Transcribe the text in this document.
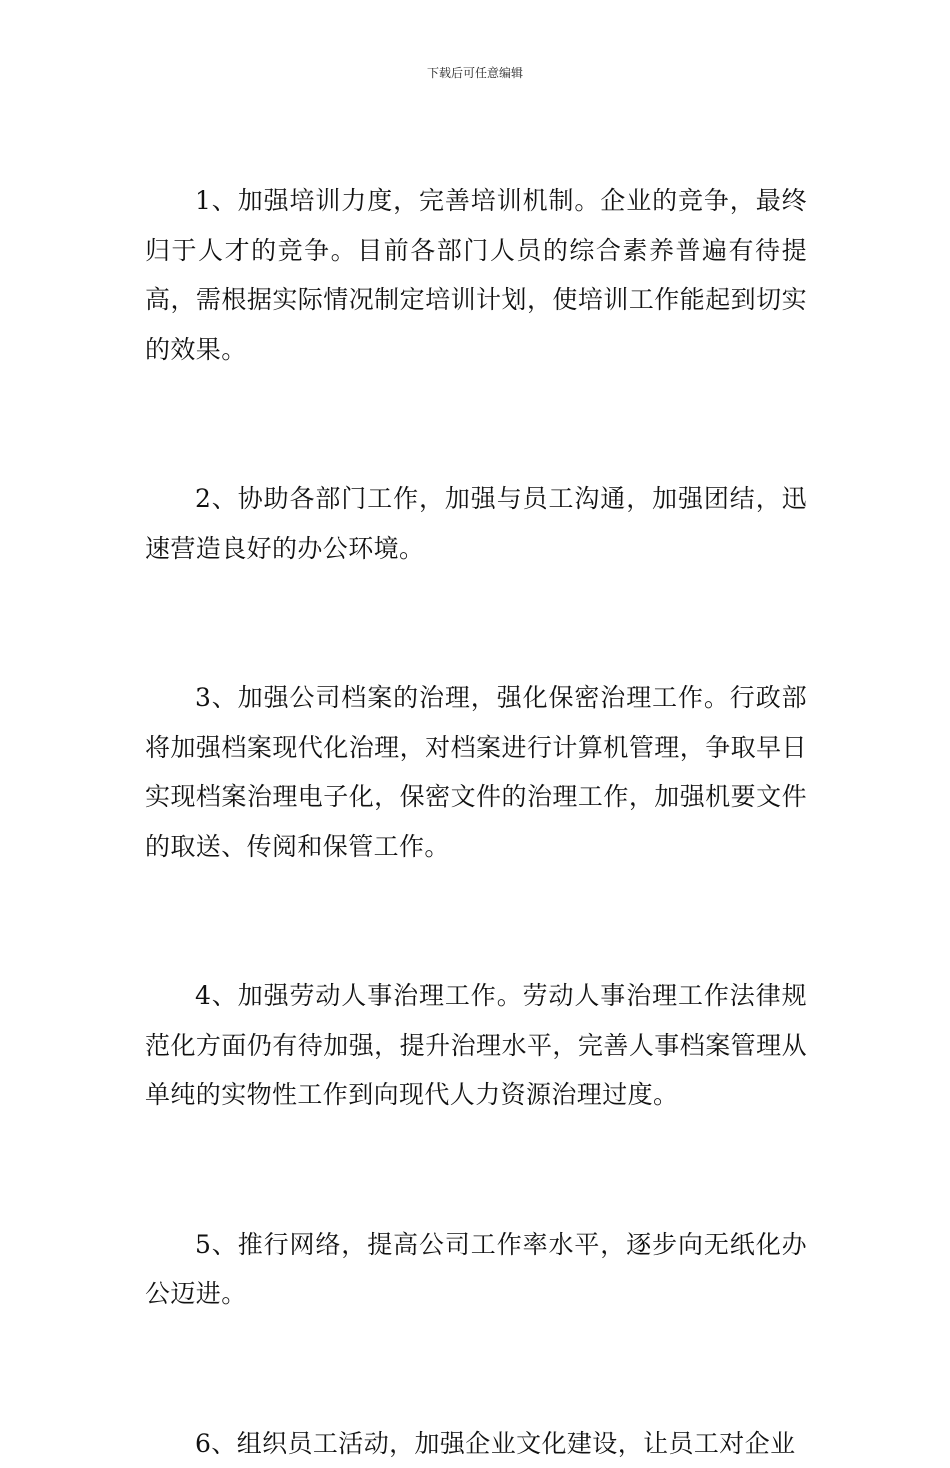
下载后可任意编辑

1、加强培训力度，完善培训机制。企业的竞争，最终归于人才的竞争。目前各部门人员的综合素养普遍有待提高，需根据实际情况制定培训计划，使培训工作能起到切实的效果。

2、协助各部门工作，加强与员工沟通，加强团结，迅速营造良好的办公环境。

3、加强公司档案的治理，强化保密治理工作。行政部将加强档案现代化治理，对档案进行计算机管理，争取早日实现档案治理电子化，保密文件的治理工作，加强机要文件的取送、传阅和保管工作。

4、加强劳动人事治理工作。劳动人事治理工作法律规范化方面仍有待加强，提升治理水平，完善人事档案管理从单纯的实物性工作到向现代人力资源治理过度。

5、推行网络，提高公司工作率水平，逐步向无纸化办公迈进。

6、组织员工活动，加强企业文化建设，让员工对企业
